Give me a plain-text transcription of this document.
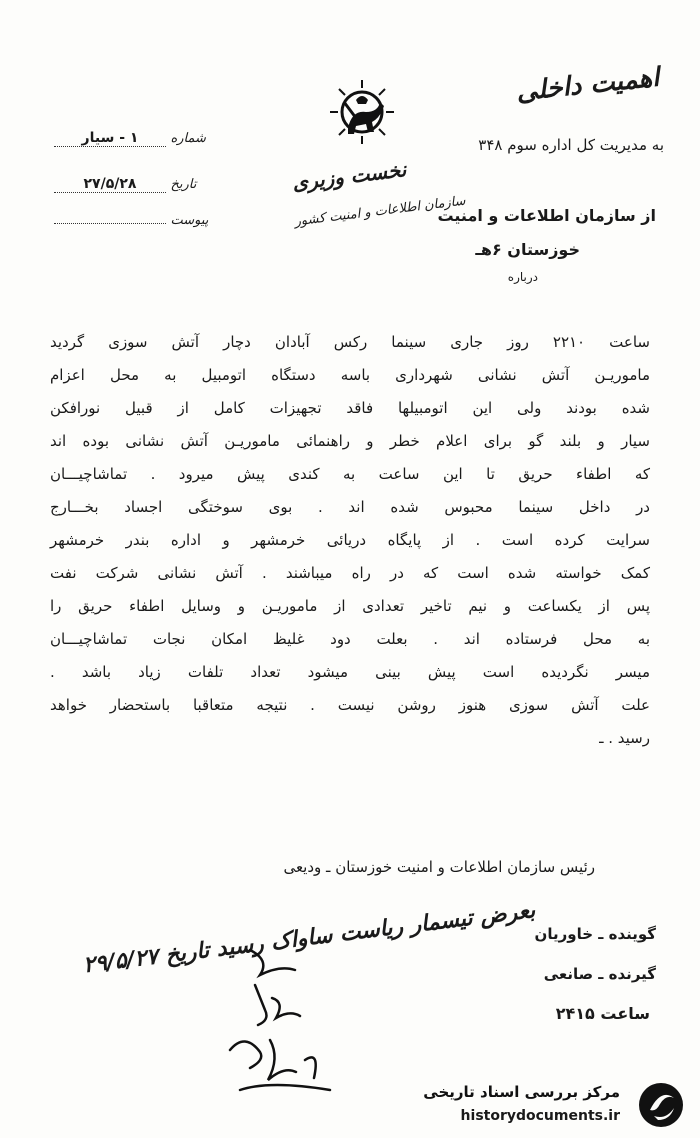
اهمیت داخلی
به مدیریت کل اداره سوم ۳۴۸
شماره ۱ - سیار
تاریخ ۲۷/۵/۲۸
پیوست
نخست وزیری
سازمان اطلاعات و امنیت کشور
از سازمان اطلاعات و امنیت
خوزستان ۶هـ
درباره
ساعت ۲۲۱۰ روز جاری سینما رکس آبادان دچار آتش سوزی گردید
ماموریـن آتش نشانی شهرداری باسه دستگاه اتومبیل به محل اعزام
شده بودند ولی این اتومبیلها فاقد تجهیزات کامل از قبیل نورافکن
سیار و بلند گو برای اعلام خطر و راهنمائی ماموریـن آتش نشانی بوده اند
که اطفاء حریق تا این ساعت به کندی پیش میرود . تماشاچیـــان
در داخل سینما محبوس شده اند . بوی سوختگی اجساد بخـــارج
سرایت کرده است . از پایگاه دریائی خرمشهر و اداره بندر خرمشهر
کمک خواسته شده است که در راه میباشند . آتش نشانی شرکت نفت
پس از یکساعت و نیم تاخیر تعدادی از ماموریـن و وسایل اطفاء حریق را
به محل فرستاده اند . بعلت دود غلیظ امکان نجات تماشاچیـــان
میسر نگردیده است پیش بینی میشود تعداد تلفات زیاد باشد .
علت آتش سوزی هنوز روشن نیست . نتیجه متعاقبا باستحضار خواهد
رسید . ـ
رئیس سازمان اطلاعات و امنیت خوزستان ـ ودیعی
بعرض تیسمار ریاست ساواک رسید تاریخ ۲۹/۵/۲۷
گوینده ـ خاوریان
گیرنده ـ صانعی
ساعت ۲۴۱۵
مرکز بررسی اسناد تاریخی
historydocuments.ir
